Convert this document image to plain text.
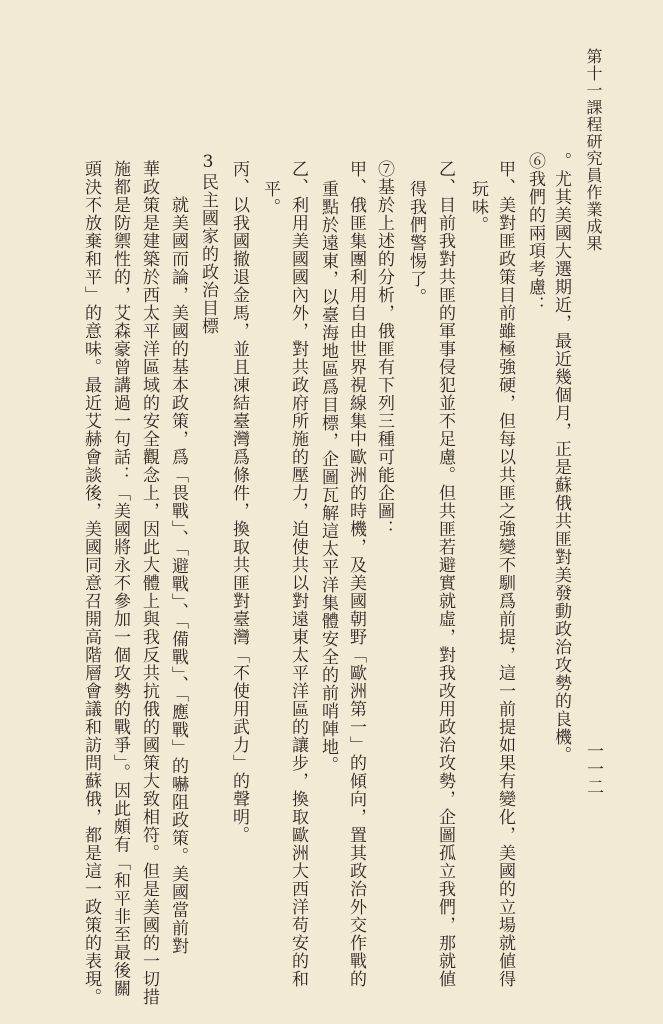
第十一課程研究員作業成果
一一二
。尤其美國大選期近，最近幾個月，正是蘇俄共匪對美發動政治攻勢的良機。
⑥我們的兩項考慮：
甲、美對匪政策目前雖極強硬，但每以共匪之強變不馴爲前提，這一前提如果有變化，美國的立場就値得
玩味。
乙、目前我對共匪的軍事侵犯並不足慮。但共匪若避實就虛，對我改用政治攻勢，企圖孤立我們，那就値
得我們警惕了。
⑦基於上述的分析，俄匪有下列三種可能企圖：
甲、俄匪集團利用自由世界視線集中歐洲的時機，及美國朝野「歐洲第一」的傾向，置其政治外交作戰的
重點於遠東，以臺海地區爲目標，企圖瓦解這太平洋集體安全的前哨陣地。
乙、利用美國國內外，對共政府所施的壓力，迫使共以對遠東太平洋區的讓步，換取歐洲大西洋苟安的和
平。
丙、以我國撤退金馬，並且凍結臺灣爲條件，換取共匪對臺灣「不使用武力」的聲明。
3民主國家的政治目標
就美國而論，美國的基本政策，爲「畏戰」、「避戰」、「備戰」、「應戰」的嚇阻政策。美國當前對
華政策是建築於西太平洋區域的安全觀念上，因此大體上與我反共抗俄的國策大致相符。但是美國的一切措
施都是防禦性的，艾森豪曾講過一句話：「美國將永不參加一個攻勢的戰爭」。因此頗有「和平非至最後關
頭決不放棄和平」的意味。最近艾赫會談後，美國同意召開高階層會議和訪問蘇俄，都是這一政策的表現。
